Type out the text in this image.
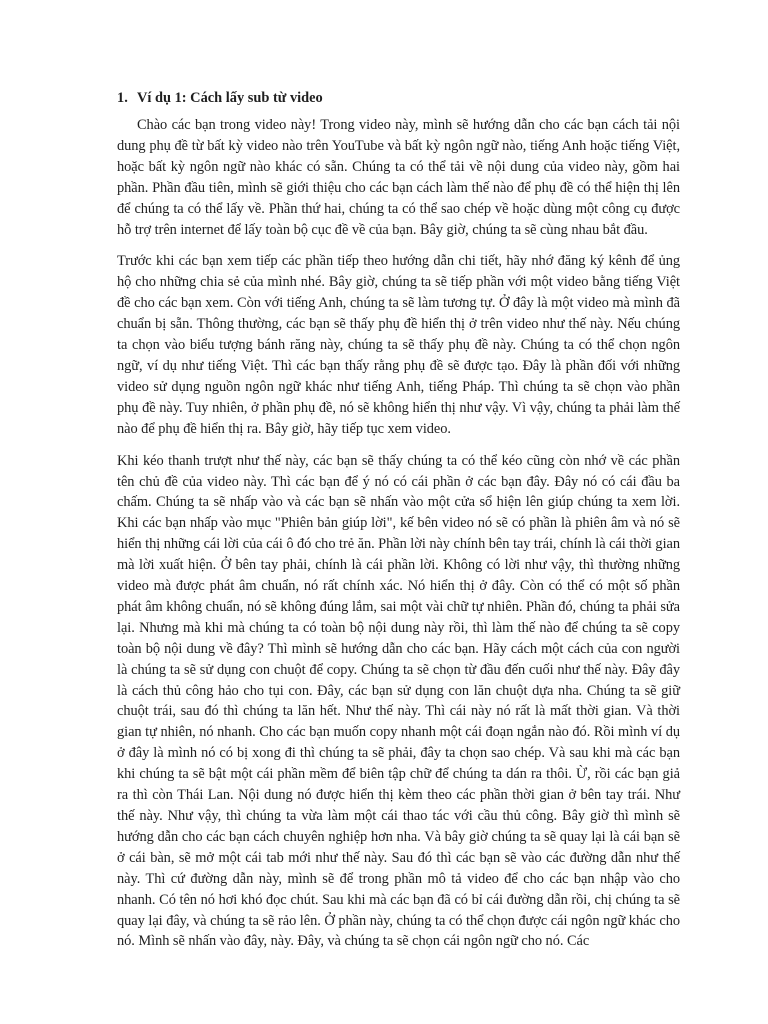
1. Ví dụ 1: Cách lấy sub từ video

Chào các bạn trong video này! Trong video này, mình sẽ hướng dẫn cho các bạn cách tải nội dung phụ đề từ bất kỳ video nào trên YouTube và bất kỳ ngôn ngữ nào, tiếng Anh hoặc tiếng Việt, hoặc bất kỳ ngôn ngữ nào khác có sẵn. Chúng ta có thể tải về nội dung của video này, gồm hai phần. Phần đầu tiên, mình sẽ giới thiệu cho các bạn cách làm thế nào để phụ đề có thể hiện thị lên để chúng ta có thể lấy về. Phần thứ hai, chúng ta có thể sao chép về hoặc dùng một công cụ được hỗ trợ trên internet để lấy toàn bộ cục đề về của bạn. Bây giờ, chúng ta sẽ cùng nhau bắt đầu.

Trước khi các bạn xem tiếp các phần tiếp theo hướng dẫn chi tiết, hãy nhớ đăng ký kênh để ủng hộ cho những chia sẻ của mình nhé. Bây giờ, chúng ta sẽ tiếp phần với một video bằng tiếng Việt đề cho các bạn xem. Còn với tiếng Anh, chúng ta sẽ làm tương tự. Ở đây là một video mà mình đã chuẩn bị sẵn. Thông thường, các bạn sẽ thấy phụ đề hiển thị ở trên video như thế này. Nếu chúng ta chọn vào biểu tượng bánh răng này, chúng ta sẽ thấy phụ đề này. Chúng ta có thể chọn ngôn ngữ, ví dụ như tiếng Việt. Thì các bạn thấy rằng phụ đề sẽ được tạo. Đây là phần đối với những video sử dụng nguồn ngôn ngữ khác như tiếng Anh, tiếng Pháp. Thì chúng ta sẽ chọn vào phần phụ đề này. Tuy nhiên, ở phần phụ đề, nó sẽ không hiển thị như vậy. Vì vậy, chúng ta phải làm thế nào để phụ đề hiển thị ra. Bây giờ, hãy tiếp tục xem video.

Khi kéo thanh trượt như thế này, các bạn sẽ thấy chúng ta có thể kéo cũng còn nhớ về các phần tên chủ đề của video này. Thì các bạn để ý nó có cái phần ở các bạn đây. Đây nó có cái đầu ba chấm. Chúng ta sẽ nhấp vào và các bạn sẽ nhấn vào một cửa sổ hiện lên giúp chúng ta xem lời. Khi các bạn nhấp vào mục "Phiên bản giúp lời", kế bên video nó sẽ có phần là phiên âm và nó sẽ hiển thị những cái lời của cái ô đó cho trẻ ăn. Phần lời này chính bên tay trái, chính là cái thời gian mà lời xuất hiện. Ở bên tay phải, chính là cái phần lời. Không có lời như vậy, thì thường những video mà được phát âm chuẩn, nó rất chính xác. Nó hiển thị ở đây. Còn có thể có một số phần phát âm không chuẩn, nó sẽ không đúng lắm, sai một vài chữ tự nhiên. Phần đó, chúng ta phải sửa lại. Nhưng mà khi mà chúng ta có toàn bộ nội dung này rồi, thì làm thế nào để chúng ta sẽ copy toàn bộ nội dung về đây? Thì mình sẽ hướng dẫn cho các bạn. Hãy cách một cách của con người là chúng ta sẽ sử dụng con chuột để copy. Chúng ta sẽ chọn từ đầu đến cuối như thế này. Đây đây là cách thủ công hảo cho tụi con. Đây, các bạn sử dụng con lăn chuột dựa nha. Chúng ta sẽ giữ chuột trái, sau đó thì chúng ta lăn hết. Như thế này. Thì cái này nó rất là mất thời gian. Và thời gian tự nhiên, nó nhanh. Cho các bạn muốn copy nhanh một cái đoạn ngắn nào đó. Rồi mình ví dụ ở đây là mình nó có bị xong đi thì chúng ta sẽ phải, đây ta chọn sao chép. Và sau khi mà các bạn khi chúng ta sẽ bật một cái phần mềm để biên tập chữ để chúng ta dán ra thôi. Ừ, rồi các bạn giả ra thì còn Thái Lan. Nội dung nó được hiển thị kèm theo các phần thời gian ở bên tay trái. Như thế này. Như vậy, thì chúng ta vừa làm một cái thao tác với cầu thủ công. Bây giờ thì mình sẽ hướng dẫn cho các bạn cách chuyên nghiệp hơn nha. Và bây giờ chúng ta sẽ quay lại là cái bạn sẽ ở cái bàn, sẽ mở một cái tab mới như thế này. Sau đó thì các bạn sẽ vào các đường dẫn như thế này. Thì cứ đường dẫn này, mình sẽ để trong phần mô tả video để cho các bạn nhập vào cho nhanh. Có tên nó hơi khó đọc chút. Sau khi mà các bạn đã có bỉ cái đường dẫn rồi, chị chúng ta sẽ quay lại đây, và chúng ta sẽ rảo lên. Ở phần này, chúng ta có thể chọn được cái ngôn ngữ khác cho nó. Mình sẽ nhấn vào đây, này. Đây, và chúng ta sẽ chọn cái ngôn ngữ cho nó. Các
